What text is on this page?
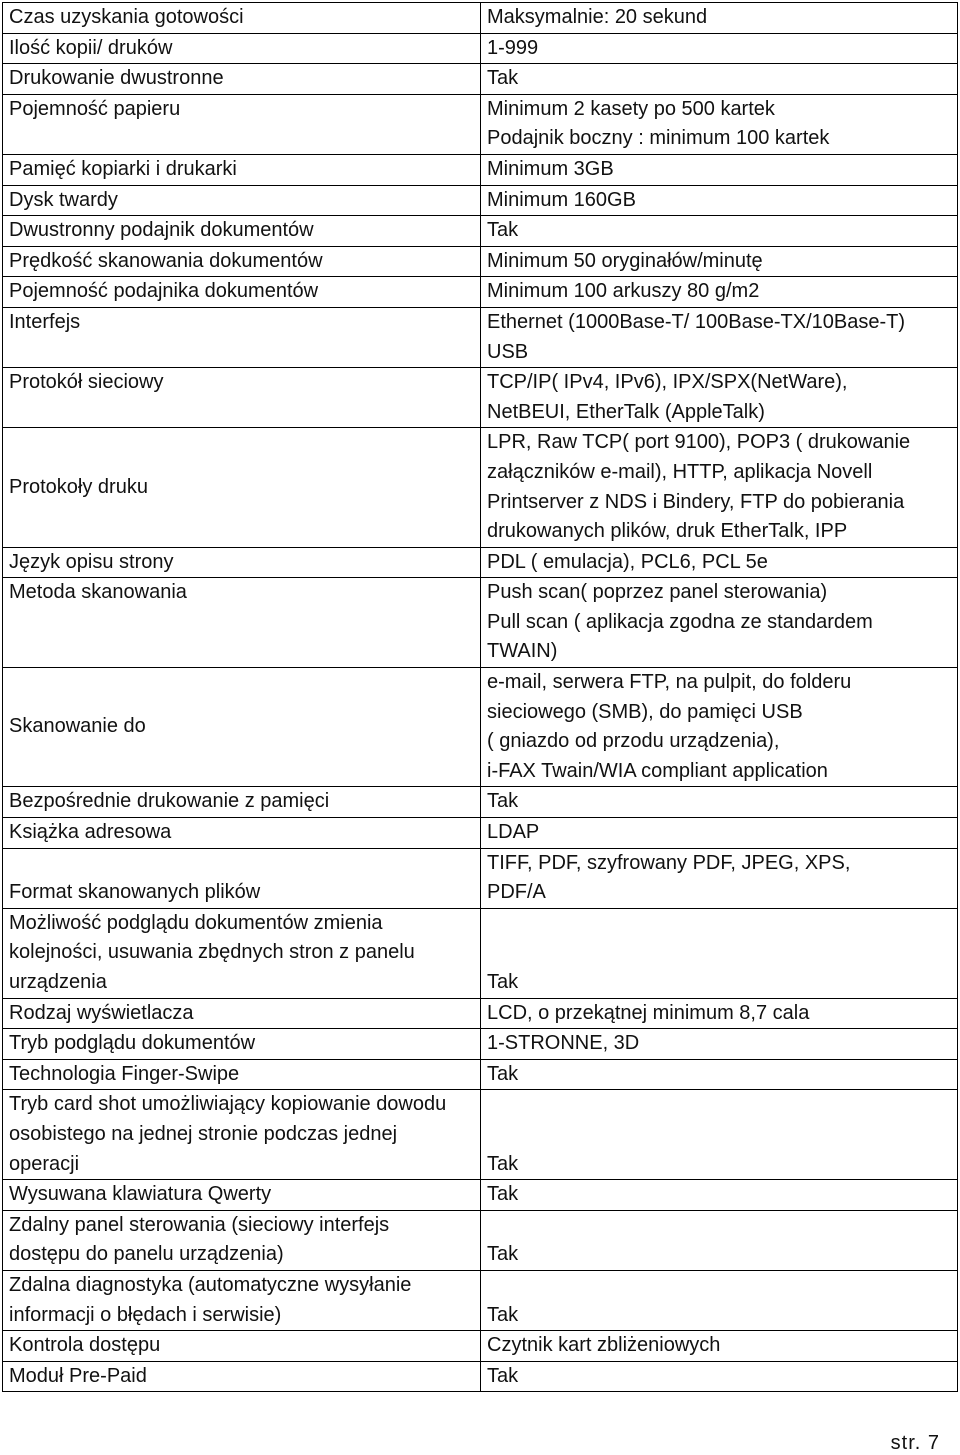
Czas uzyskania gotowości	Maksymalnie: 20 sekund

Ilość kopii/ druków	1-999

Drukowanie dwustronne	Tak

Pojemność papieru	Minimum 2 kasety po 500 kartek
Podajnik boczny : minimum 100 kartek

Pamięć kopiarki i drukarki	Minimum 3GB

Dysk twardy	Minimum 160GB

Dwustronny podajnik dokumentów	Tak

Prędkość skanowania dokumentów	Minimum 50 oryginałów/minutę

Pojemność podajnika dokumentów	Minimum 100 arkuszy 80 g/m2

Interfejs	Ethernet (1000Base-T/ 100Base-TX/10Base-T)
USB

Protokół sieciowy	TCP/IP( IPv4, IPv6), IPX/SPX(NetWare),
NetBEUI, EtherTalk (AppleTalk)

Protokoły druku	LPR, Raw TCP( port 9100), POP3 ( drukowanie
załączników e-mail), HTTP, aplikacja Novell
Printserver z NDS i Bindery, FTP do pobierania
drukowanych plików, druk EtherTalk, IPP

Język opisu strony	PDL ( emulacja), PCL6, PCL 5e

Metoda skanowania	Push scan( poprzez panel sterowania)
Pull scan ( aplikacja zgodna ze standardem
TWAIN)

Skanowanie do	e-mail, serwera FTP, na pulpit, do folderu
sieciowego (SMB), do pamięci USB
( gniazdo od przodu urządzenia),
i-FAX Twain/WIA compliant application

Bezpośrednie drukowanie z pamięci	Tak

Książka adresowa	LDAP

Format skanowanych plików	TIFF, PDF, szyfrowany PDF, JPEG, XPS,
PDF/A

Możliwość podglądu dokumentów zmienia
kolejności, usuwania zbędnych stron z panelu
urządzenia	Tak

Rodzaj wyświetlacza	LCD, o przekątnej minimum 8,7 cala

Tryb podglądu dokumentów	1-STRONNE, 3D

Technologia Finger-Swipe	Tak

Tryb card shot umożliwiający kopiowanie dowodu
osobistego na jednej stronie podczas jednej
operacji	Tak

Wysuwana klawiatura Qwerty	Tak

Zdalny panel sterowania (sieciowy interfejs
dostępu do panelu urządzenia)	Tak

Zdalna diagnostyka (automatyczne wysyłanie
informacji o błędach i serwisie)	Tak

Kontrola dostępu	Czytnik kart zbliżeniowych

Moduł Pre-Paid	Tak
str. 7
